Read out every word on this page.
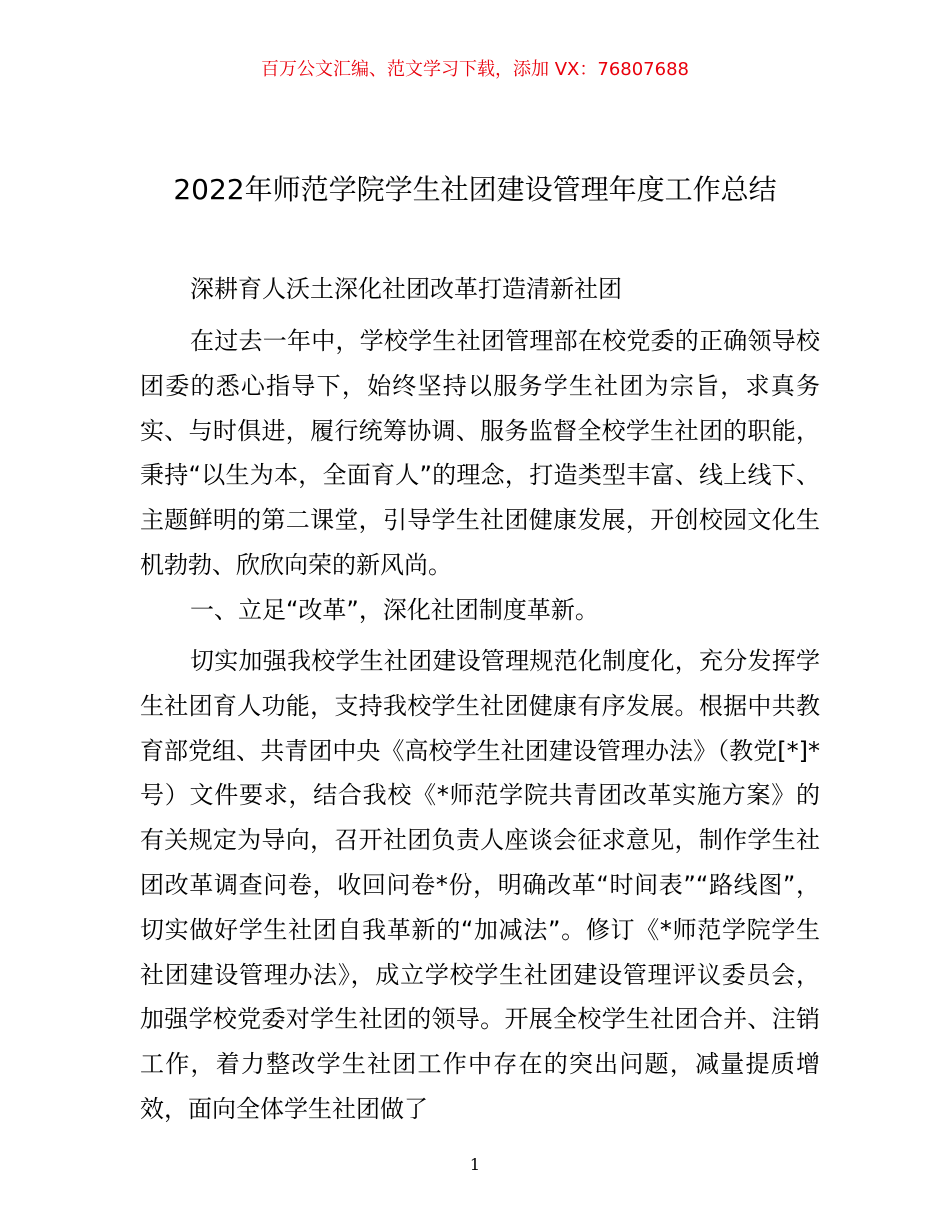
百万公文汇编、范文学习下载，添加 VX：76807688
2022年师范学院学生社团建设管理年度工作总结
深耕育人沃土深化社团改革打造清新社团
在过去一年中，学校学生社团管理部在校党委的正确领导校团委的悉心指导下，始终坚持以服务学生社团为宗旨，求真务实、与时俱进，履行统筹协调、服务监督全校学生社团的职能，秉持“以生为本，全面育人”的理念，打造类型丰富、线上线下、主题鲜明的第二课堂，引导学生社团健康发展，开创校园文化生机勃勃、欣欣向荣的新风尚。
一、立足“改革”，深化社团制度革新。
切实加强我校学生社团建设管理规范化制度化，充分发挥学生社团育人功能，支持我校学生社团健康有序发展。根据中共教育部党组、共青团中央《高校学生社团建设管理办法》（教党[*]*号）文件要求，结合我校《*师范学院共青团改革实施方案》的有关规定为导向，召开社团负责人座谈会征求意见，制作学生社团改革调查问卷，收回问卷*份，明确改革“时间表”“路线图”，切实做好学生社团自我革新的“加减法”。修订《*师范学院学生社团建设管理办法》，成立学校学生社团建设管理评议委员会，加强学校党委对学生社团的领导。开展全校学生社团合并、注销工作，着力整改学生社团工作中存在的突出问题，减量提质增效，面向全体学生社团做了
1
